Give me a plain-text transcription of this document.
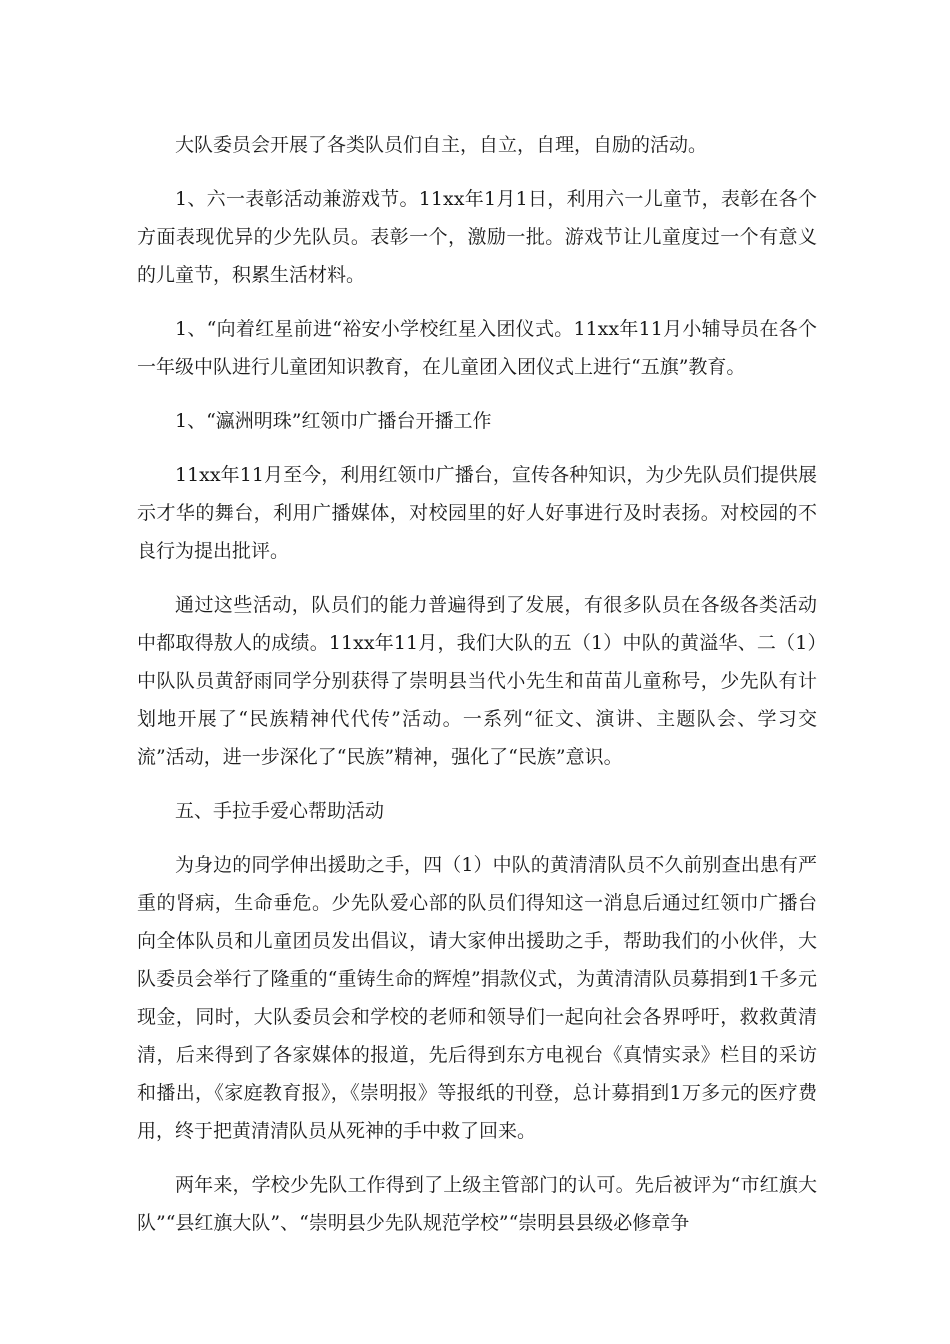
大队委员会开展了各类队员们自主，自立，自理，自励的活动。

1、六一表彰活动兼游戏节。11xx年1月1日，利用六一儿童节，表彰在各个方面表现优异的少先队员。表彰一个，激励一批。游戏节让儿童度过一个有意义的儿童节，积累生活材料。

1、“向着红星前进“裕安小学校红星入团仪式。11xx年11月小辅导员在各个一年级中队进行儿童团知识教育，在儿童团入团仪式上进行“五旗”教育。

1、“瀛洲明珠”红领巾广播台开播工作

11xx年11月至今，利用红领巾广播台，宣传各种知识，为少先队员们提供展示才华的舞台，利用广播媒体，对校园里的好人好事进行及时表扬。对校园的不良行为提出批评。

通过这些活动，队员们的能力普遍得到了发展，有很多队员在各级各类活动中都取得敖人的成绩。11xx年11月，我们大队的五（1）中队的黄溢华、二（1）中队队员黄舒雨同学分别获得了崇明县当代小先生和苗苗儿童称号，少先队有计划地开展了“民族精神代代传”活动。一系列“征文、演讲、主题队会、学习交流”活动，进一步深化了“民族”精神，强化了“民族”意识。

五、手拉手爱心帮助活动

为身边的同学伸出援助之手，四（1）中队的黄清清队员不久前别查出患有严重的肾病，生命垂危。少先队爱心部的队员们得知这一消息后通过红领巾广播台向全体队员和儿童团员发出倡议，请大家伸出援助之手，帮助我们的小伙伴，大队委员会举行了隆重的“重铸生命的辉煌”捐款仪式，为黄清清队员募捐到1千多元现金，同时，大队委员会和学校的老师和领导们一起向社会各界呼吁，救救黄清清，后来得到了各家媒体的报道，先后得到东方电视台《真情实录》栏目的采访和播出，《家庭教育报》，《崇明报》等报纸的刊登，总计募捐到1万多元的医疗费用，终于把黄清清队员从死神的手中救了回来。

两年来，学校少先队工作得到了上级主管部门的认可。先后被评为“市红旗大队”“县红旗大队”、“崇明县少先队规范学校”“崇明县县级必修章争
